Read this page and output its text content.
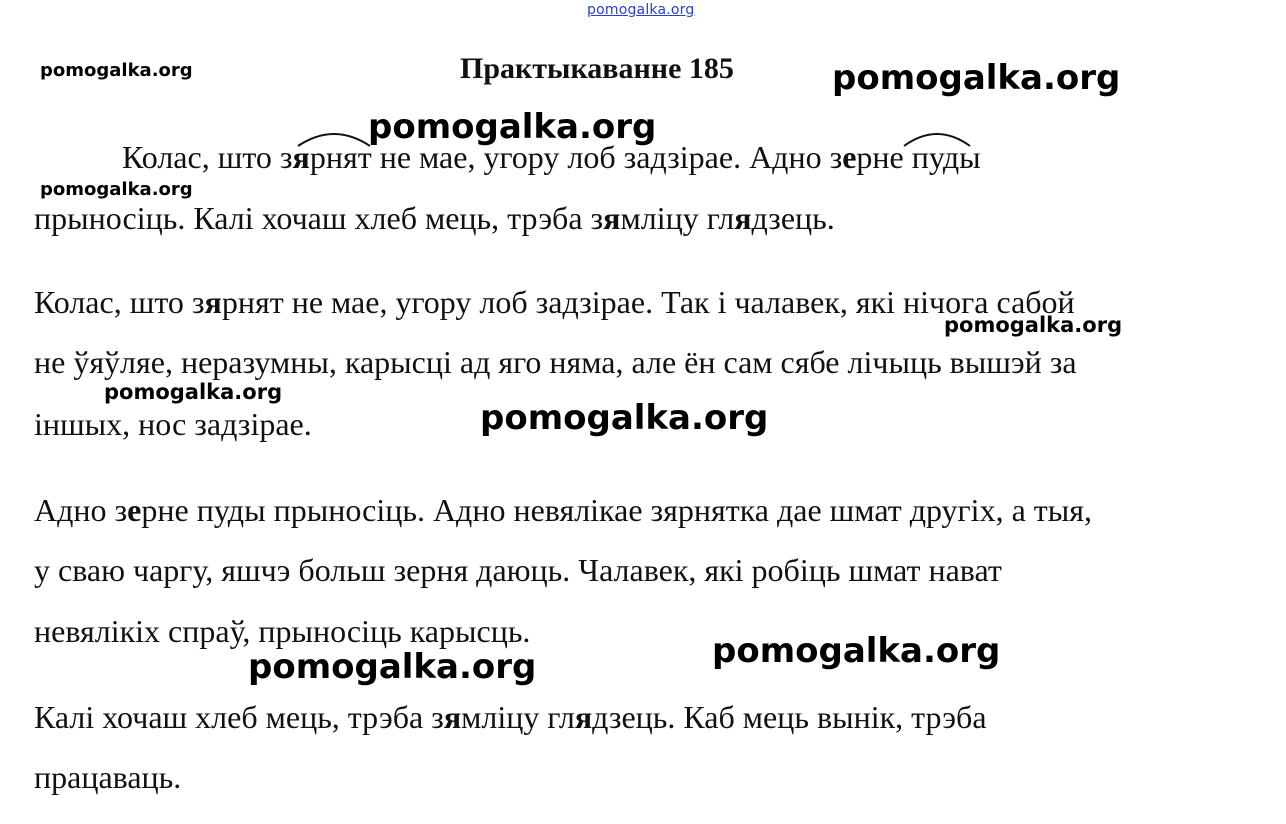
pomogalka.org
Практыкаванне 185
pomogalka.org	pomogalka.org
pomogalka.org
pomogalka.org
pomogalka.org
pomogalka.org
pomogalka.org
pomogalka.org
pomogalka.org
Колас, што зярнят не мае, угору лоб задзірае. Адно зерне пуды
прыносіць. Калі хочаш хлеб мець, трэба зямліцу глядзець.
Колас, што зярнят не мае, угору лоб задзірае. Так і чалавек, які нічога сабой
не ўяўляе, неразумны, карысці ад яго няма, але ён сам сябе лічыць вышэй за
іншых, нос задзірае.
Адно зерне пуды прыносіць. Адно невялікае зярнятка дае шмат другіх, а тыя,
у сваю чаргу, яшчэ больш зерня даюць. Чалавек, які робіць шмат нават
невялікіх спраў, прыносіць карысць.
Калі хочаш хлеб мець, трэба зямліцу глядзець. Каб мець вынік, трэба
працаваць.
